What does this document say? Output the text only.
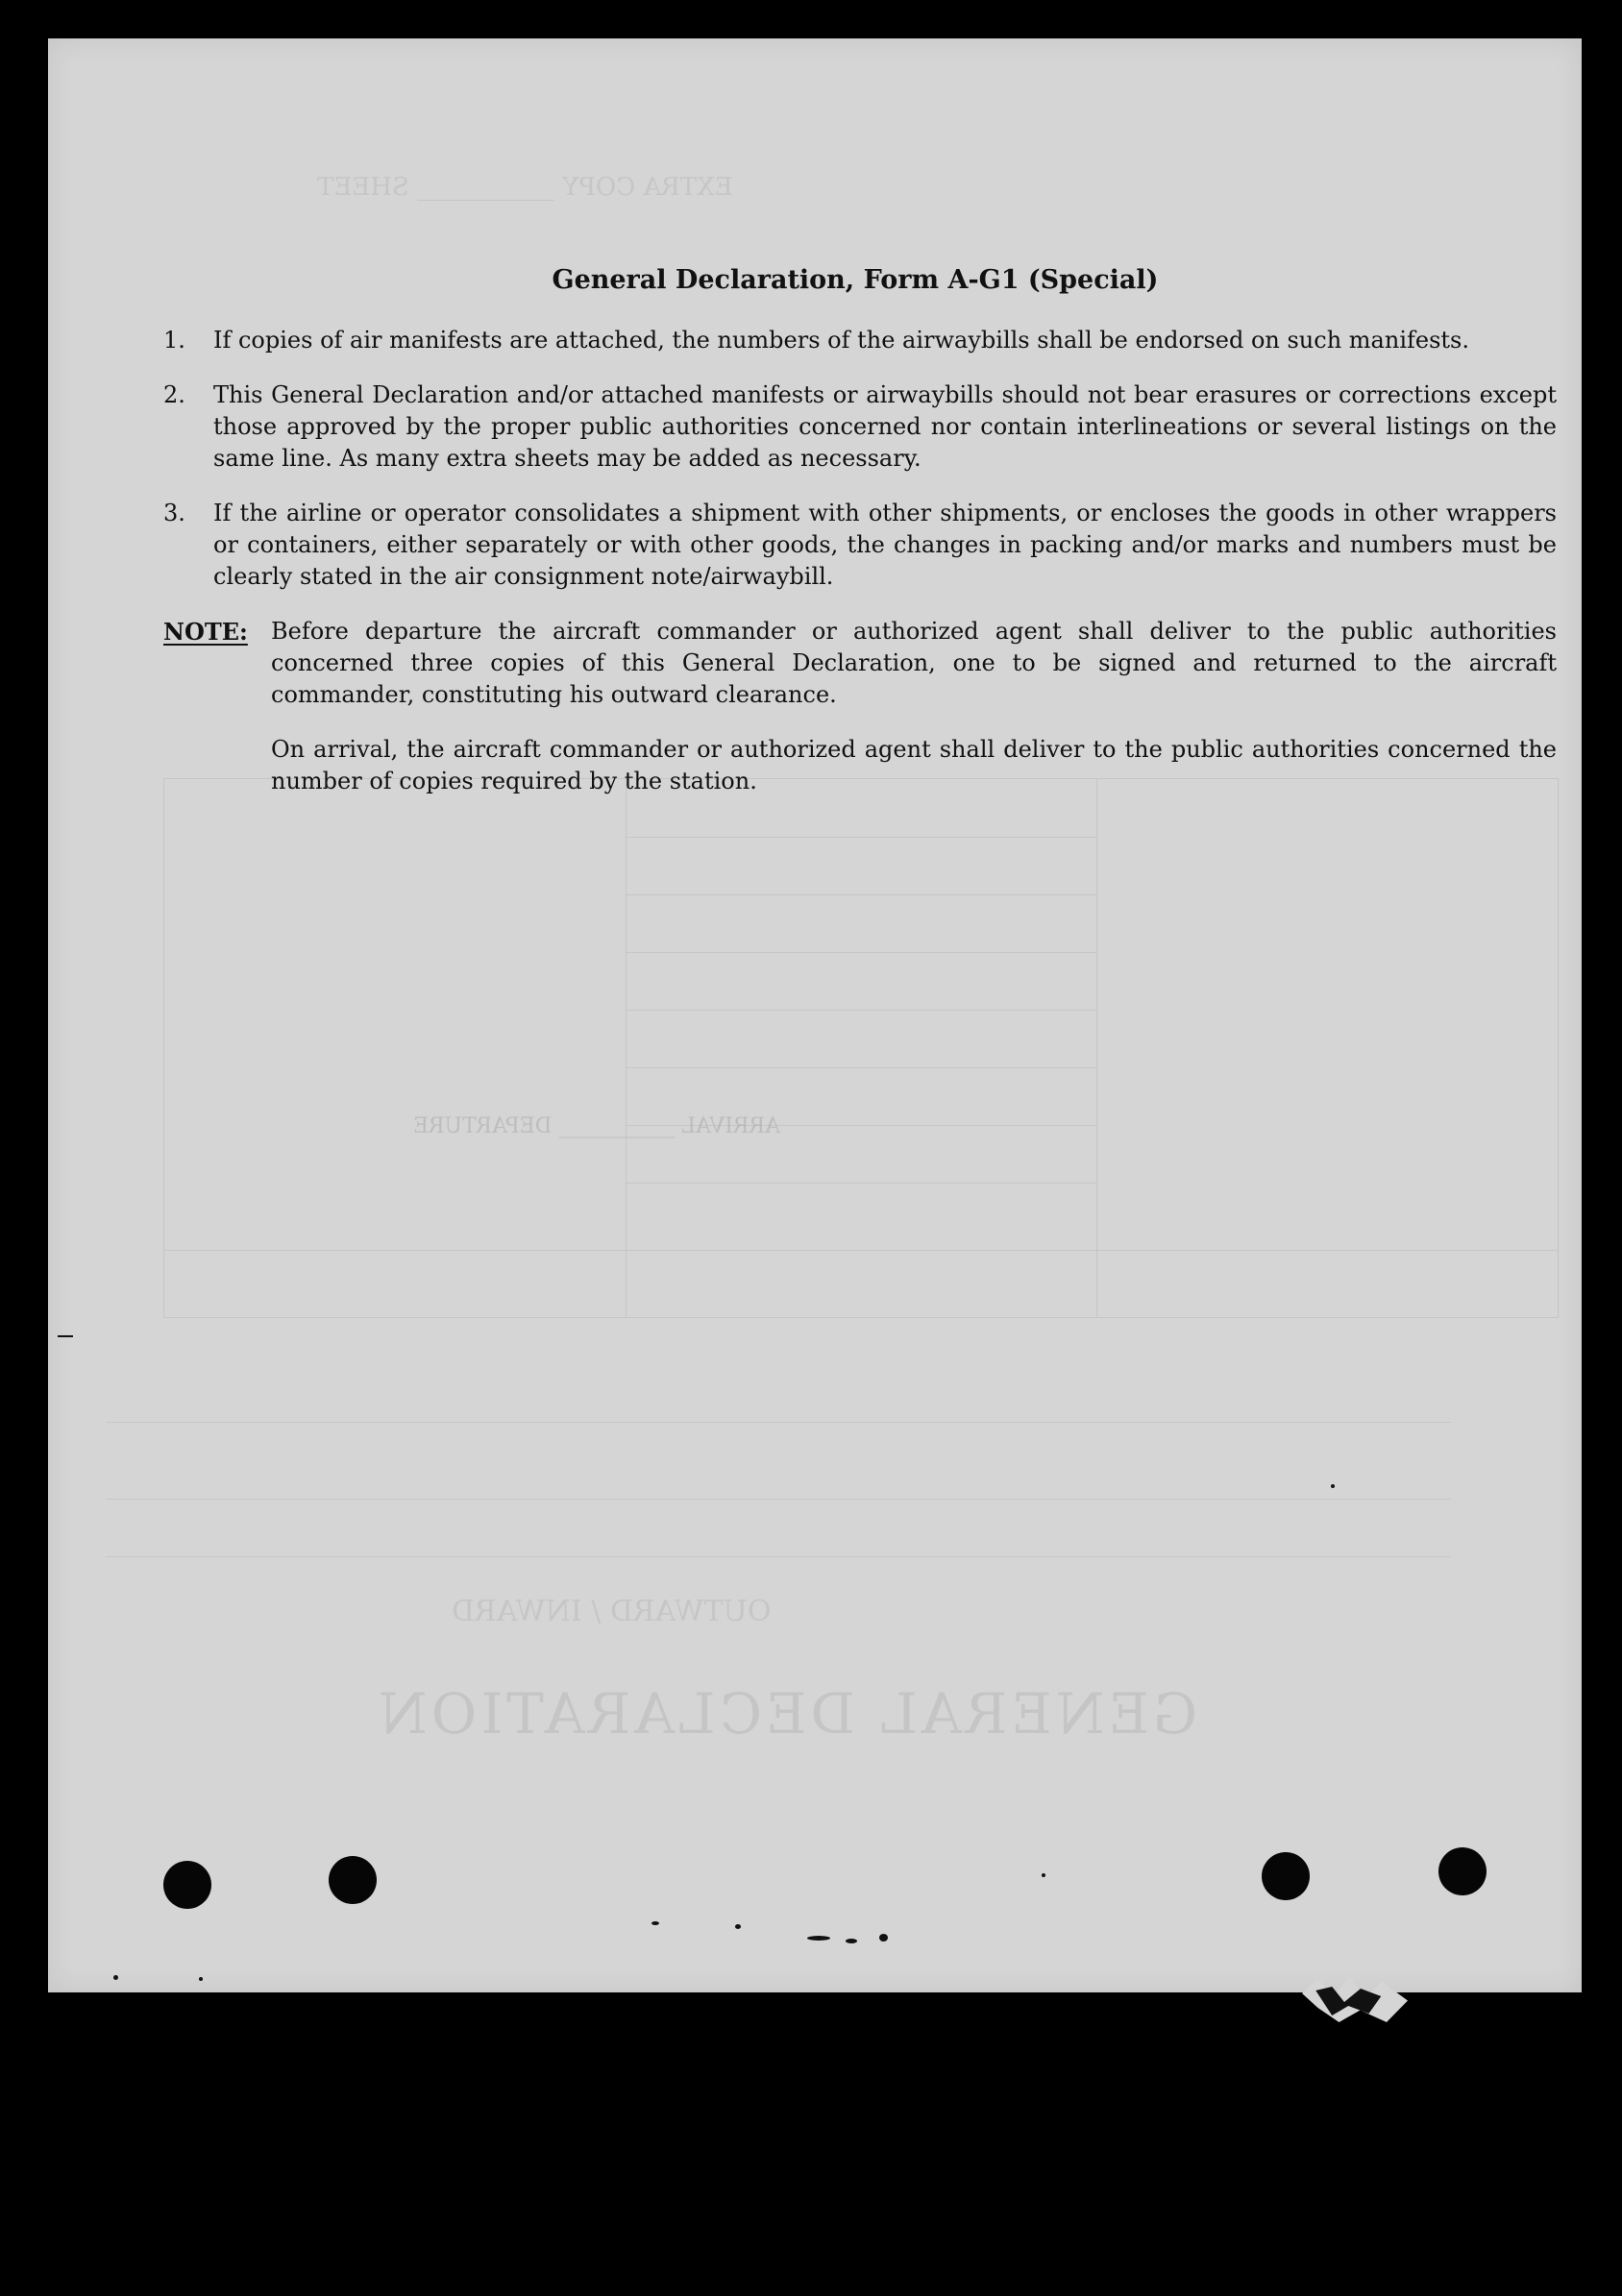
GENERAL DECLARATION
OUTWARD / INWARD
ARRIVAL ___________ DEPARTURE
EXTRA COPY ___________ SHEET
General Declaration, Form A-G1 (Special)
1.	If copies of air manifests are attached, the numbers of the airwaybills shall be endorsed on such manifests.
2.	This General Declaration and/or attached manifests or airwaybills should not bear erasures or corrections except those approved by the proper public authorities concerned nor contain interlineations or several listings on the same line. As many extra sheets may be added as necessary.
3.	If the airline or operator consolidates a shipment with other shipments, or encloses the goods in other wrappers or containers, either separately or with other goods, the changes in packing and/or marks and numbers must be clearly stated in the air consignment note/airwaybill.
NOTE:	Before departure the aircraft commander or authorized agent shall deliver to the public authorities concerned three copies of this General Declaration, one to be signed and returned to the aircraft commander, constituting his outward clearance.

On arrival, the aircraft commander or authorized agent shall deliver to the public authorities concerned the number of copies required by the station.
